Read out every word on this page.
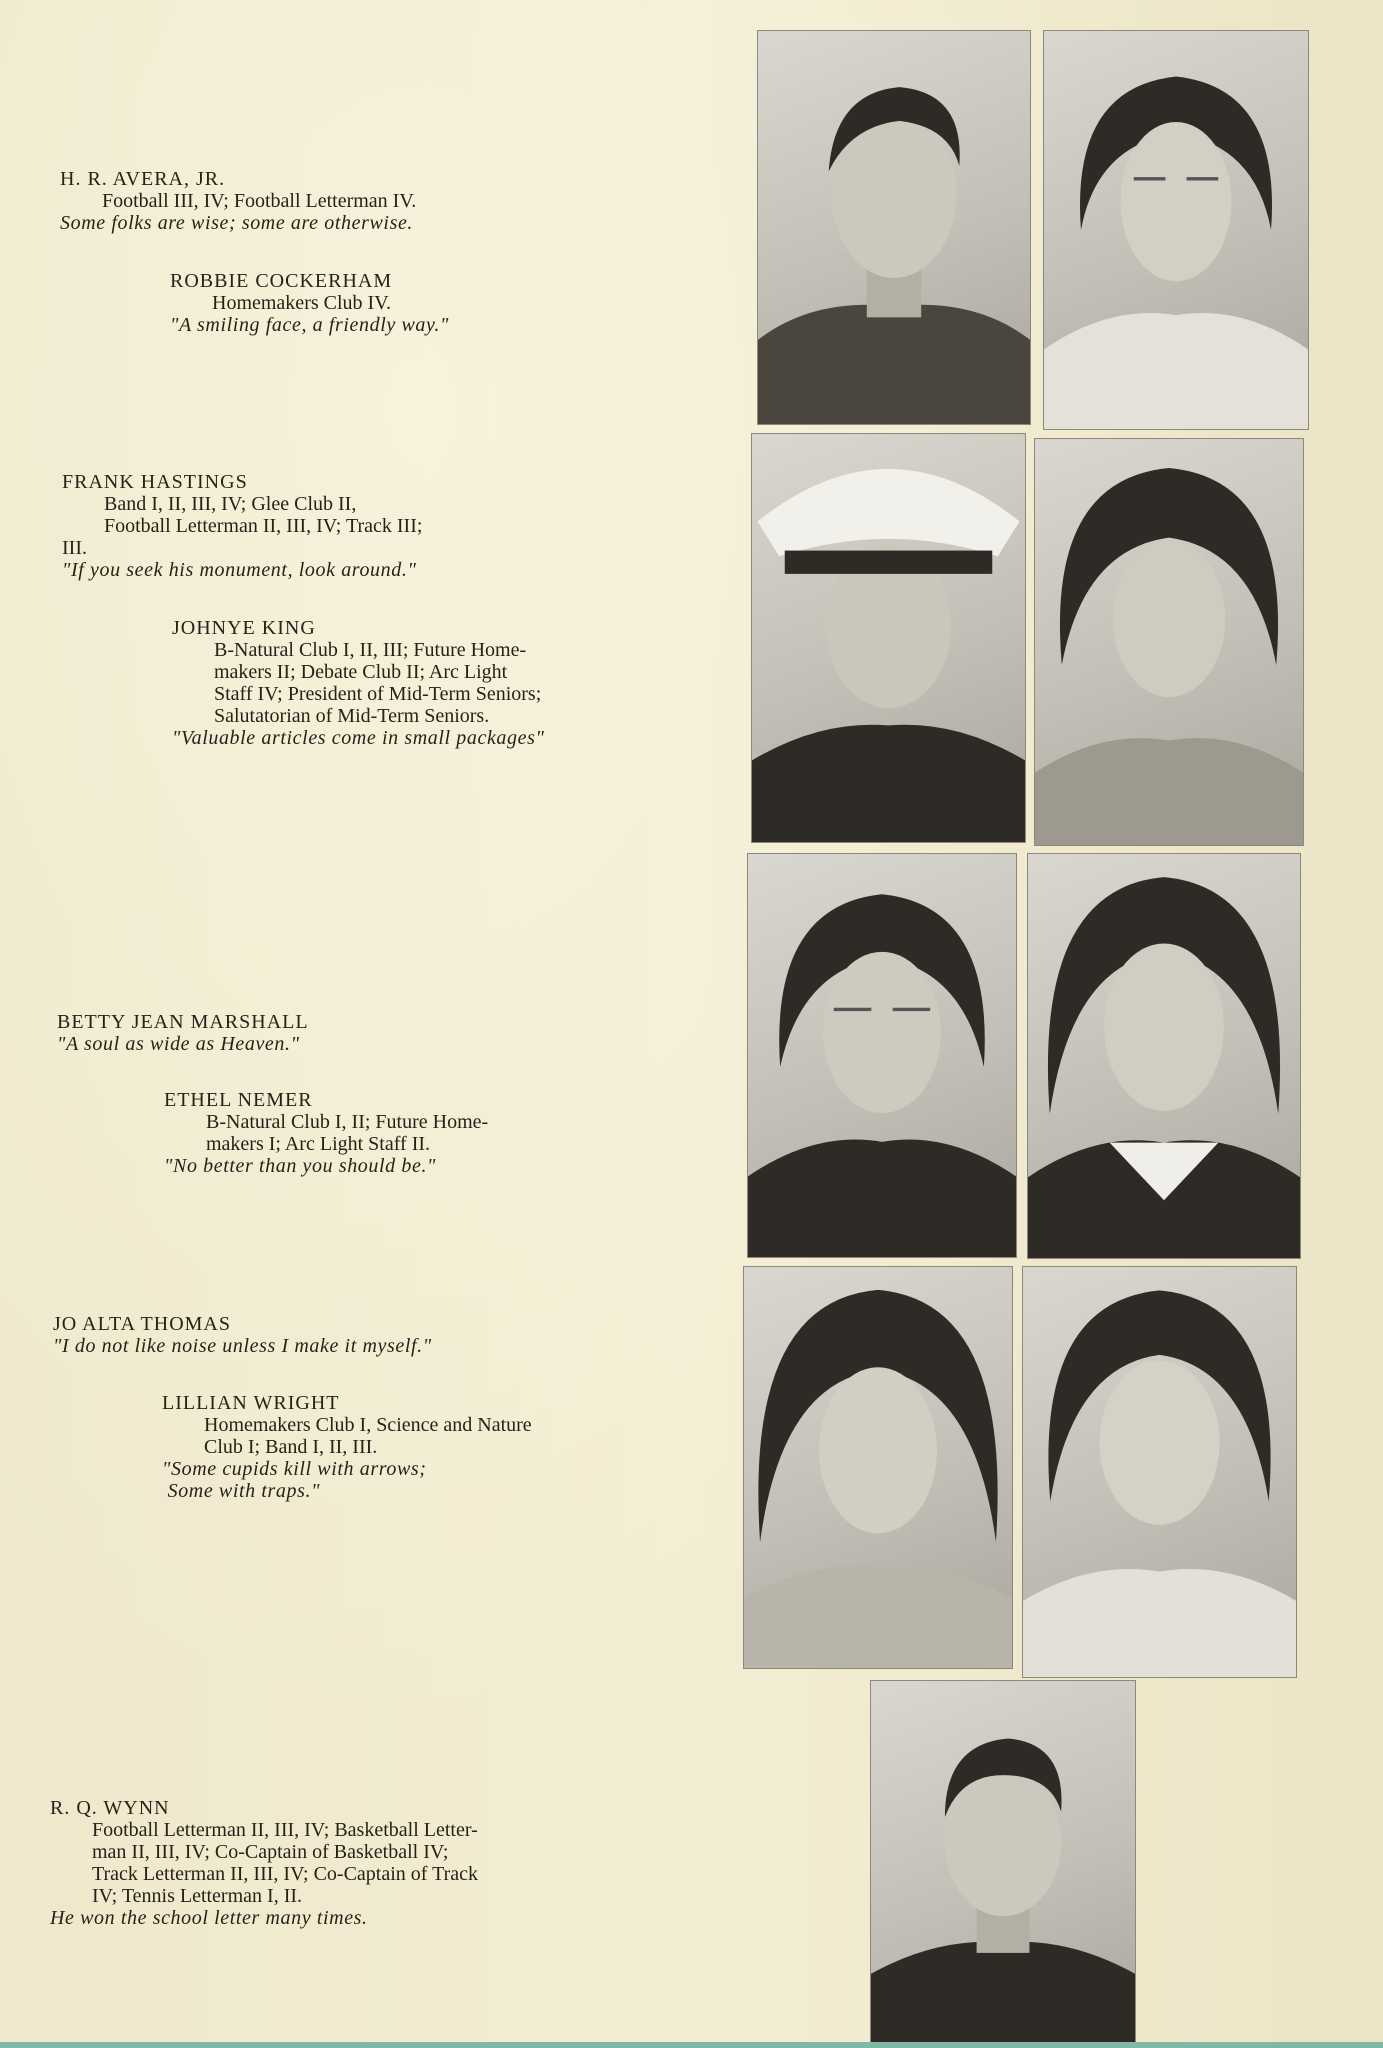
H. R. AVERA, JR.
Football III, IV; Football Letterman IV.
Some folks are wise; some are otherwise.
ROBBIE COCKERHAM
Homemakers Club IV.
"A smiling face, a friendly way."
FRANK HASTINGS
Band I, II, III, IV; Glee Club II,
Football Letterman II, III, IV; Track III;
III.
"If you seek his monument, look around."
JOHNYE KING
B-Natural Club I, II, III; Future Home-
makers II; Debate Club II; Arc Light
Staff IV; President of Mid-Term Seniors;
Salutatorian of Mid-Term Seniors.
"Valuable articles come in small packages"
BETTY JEAN MARSHALL
"A soul as wide as Heaven."
ETHEL NEMER
B-Natural Club I, II; Future Home-
makers I; Arc Light Staff II.
"No better than you should be."
JO ALTA THOMAS
"I do not like noise unless I make it myself."
LILLIAN WRIGHT
Homemakers Club I, Science and Nature
Club I; Band I, II, III.
"Some cupids kill with arrows;
Some with traps."
R. Q. WYNN
Football Letterman II, III, IV; Basketball Letter-
man II, III, IV; Co-Captain of Basketball IV;
Track Letterman II, III, IV; Co-Captain of Track
IV; Tennis Letterman I, II.
He won the school letter many times.
